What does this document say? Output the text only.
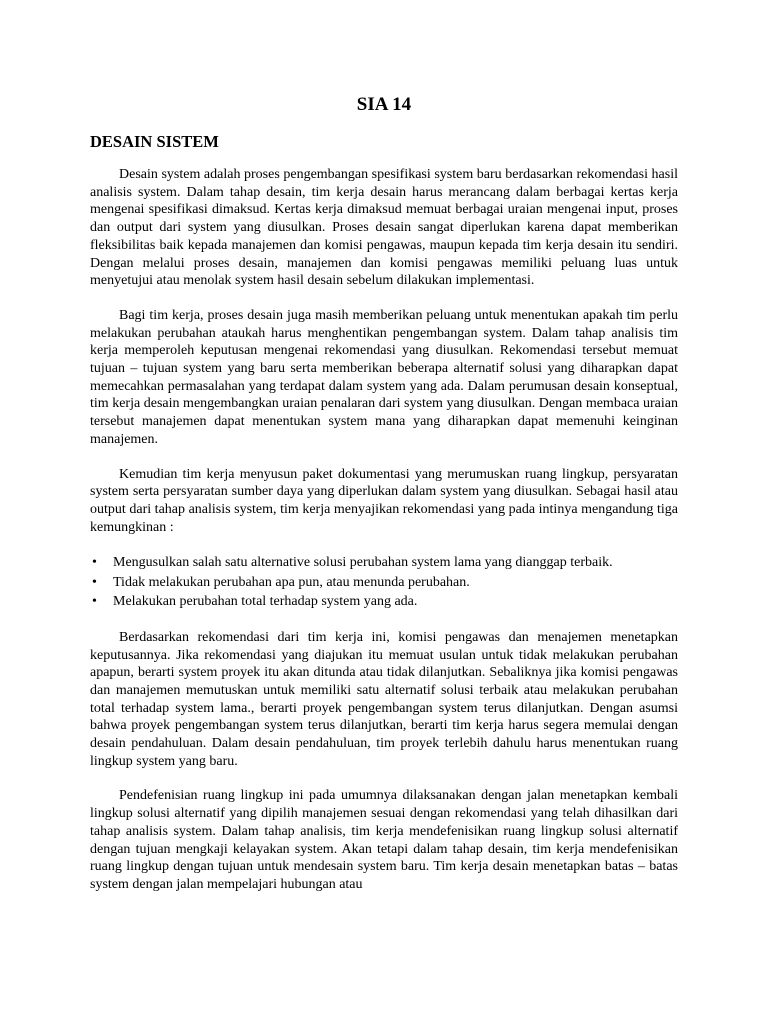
SIA 14
DESAIN SISTEM

Desain system adalah proses pengembangan spesifikasi system baru berdasarkan rekomendasi hasil analisis system. Dalam tahap desain, tim kerja desain harus merancang dalam berbagai kertas kerja mengenai spesifikasi dimaksud. Kertas kerja dimaksud memuat berbagai uraian mengenai input, proses dan output dari system yang diusulkan. Proses desain sangat diperlukan karena dapat memberikan fleksibilitas baik kepada manajemen dan komisi pengawas, maupun kepada tim kerja desain itu sendiri. Dengan melalui proses desain, manajemen dan komisi pengawas memiliki peluang luas untuk menyetujui atau menolak system hasil desain sebelum dilakukan implementasi.

Bagi tim kerja, proses desain juga masih memberikan peluang untuk menentukan apakah tim perlu melakukan perubahan ataukah harus menghentikan pengembangan system. Dalam tahap analisis tim kerja memperoleh keputusan mengenai rekomendasi yang diusulkan. Rekomendasi tersebut memuat tujuan – tujuan system yang baru serta memberikan beberapa alternatif solusi yang diharapkan dapat memecahkan permasalahan yang terdapat dalam system yang ada. Dalam perumusan desain konseptual, tim kerja desain mengembangkan uraian penalaran dari system yang diusulkan. Dengan membaca uraian tersebut manajemen dapat menentukan system mana yang diharapkan dapat memenuhi keinginan manajemen.

Kemudian tim kerja menyusun paket dokumentasi yang merumuskan ruang lingkup, persyaratan system serta persyaratan sumber daya yang diperlukan dalam system yang diusulkan. Sebagai hasil atau output dari tahap analisis system, tim kerja menyajikan rekomendasi yang pada intinya mengandung tiga kemungkinan :

• Mengusulkan salah satu alternative solusi perubahan system lama yang dianggap terbaik.
• Tidak melakukan perubahan apa pun, atau menunda perubahan.
• Melakukan perubahan total terhadap system yang ada.

Berdasarkan rekomendasi dari tim kerja ini, komisi pengawas dan menajemen menetapkan keputusannya. Jika rekomendasi yang diajukan itu memuat usulan untuk tidak melakukan perubahan apapun, berarti system proyek itu akan ditunda atau tidak dilanjutkan. Sebaliknya jika komisi pengawas dan manajemen memutuskan untuk memiliki satu alternatif solusi terbaik atau melakukan perubahan total terhadap system lama., berarti proyek pengembangan system terus dilanjutkan. Dengan asumsi bahwa proyek pengembangan system terus dilanjutkan, berarti tim kerja harus segera memulai dengan desain pendahuluan. Dalam desain pendahuluan, tim proyek terlebih dahulu harus menentukan ruang lingkup system yang baru.

Pendefenisian ruang lingkup ini pada umumnya dilaksanakan dengan jalan menetapkan kembali lingkup solusi alternatif yang dipilih manajemen sesuai dengan rekomendasi yang telah dihasilkan dari tahap analisis system. Dalam tahap analisis, tim kerja mendefenisikan ruang lingkup solusi alternatif dengan tujuan mengkaji kelayakan system. Akan tetapi dalam tahap desain, tim kerja mendefenisikan ruang lingkup dengan tujuan untuk mendesain system baru. Tim kerja desain menetapkan batas – batas system dengan jalan mempelajari hubungan atau
